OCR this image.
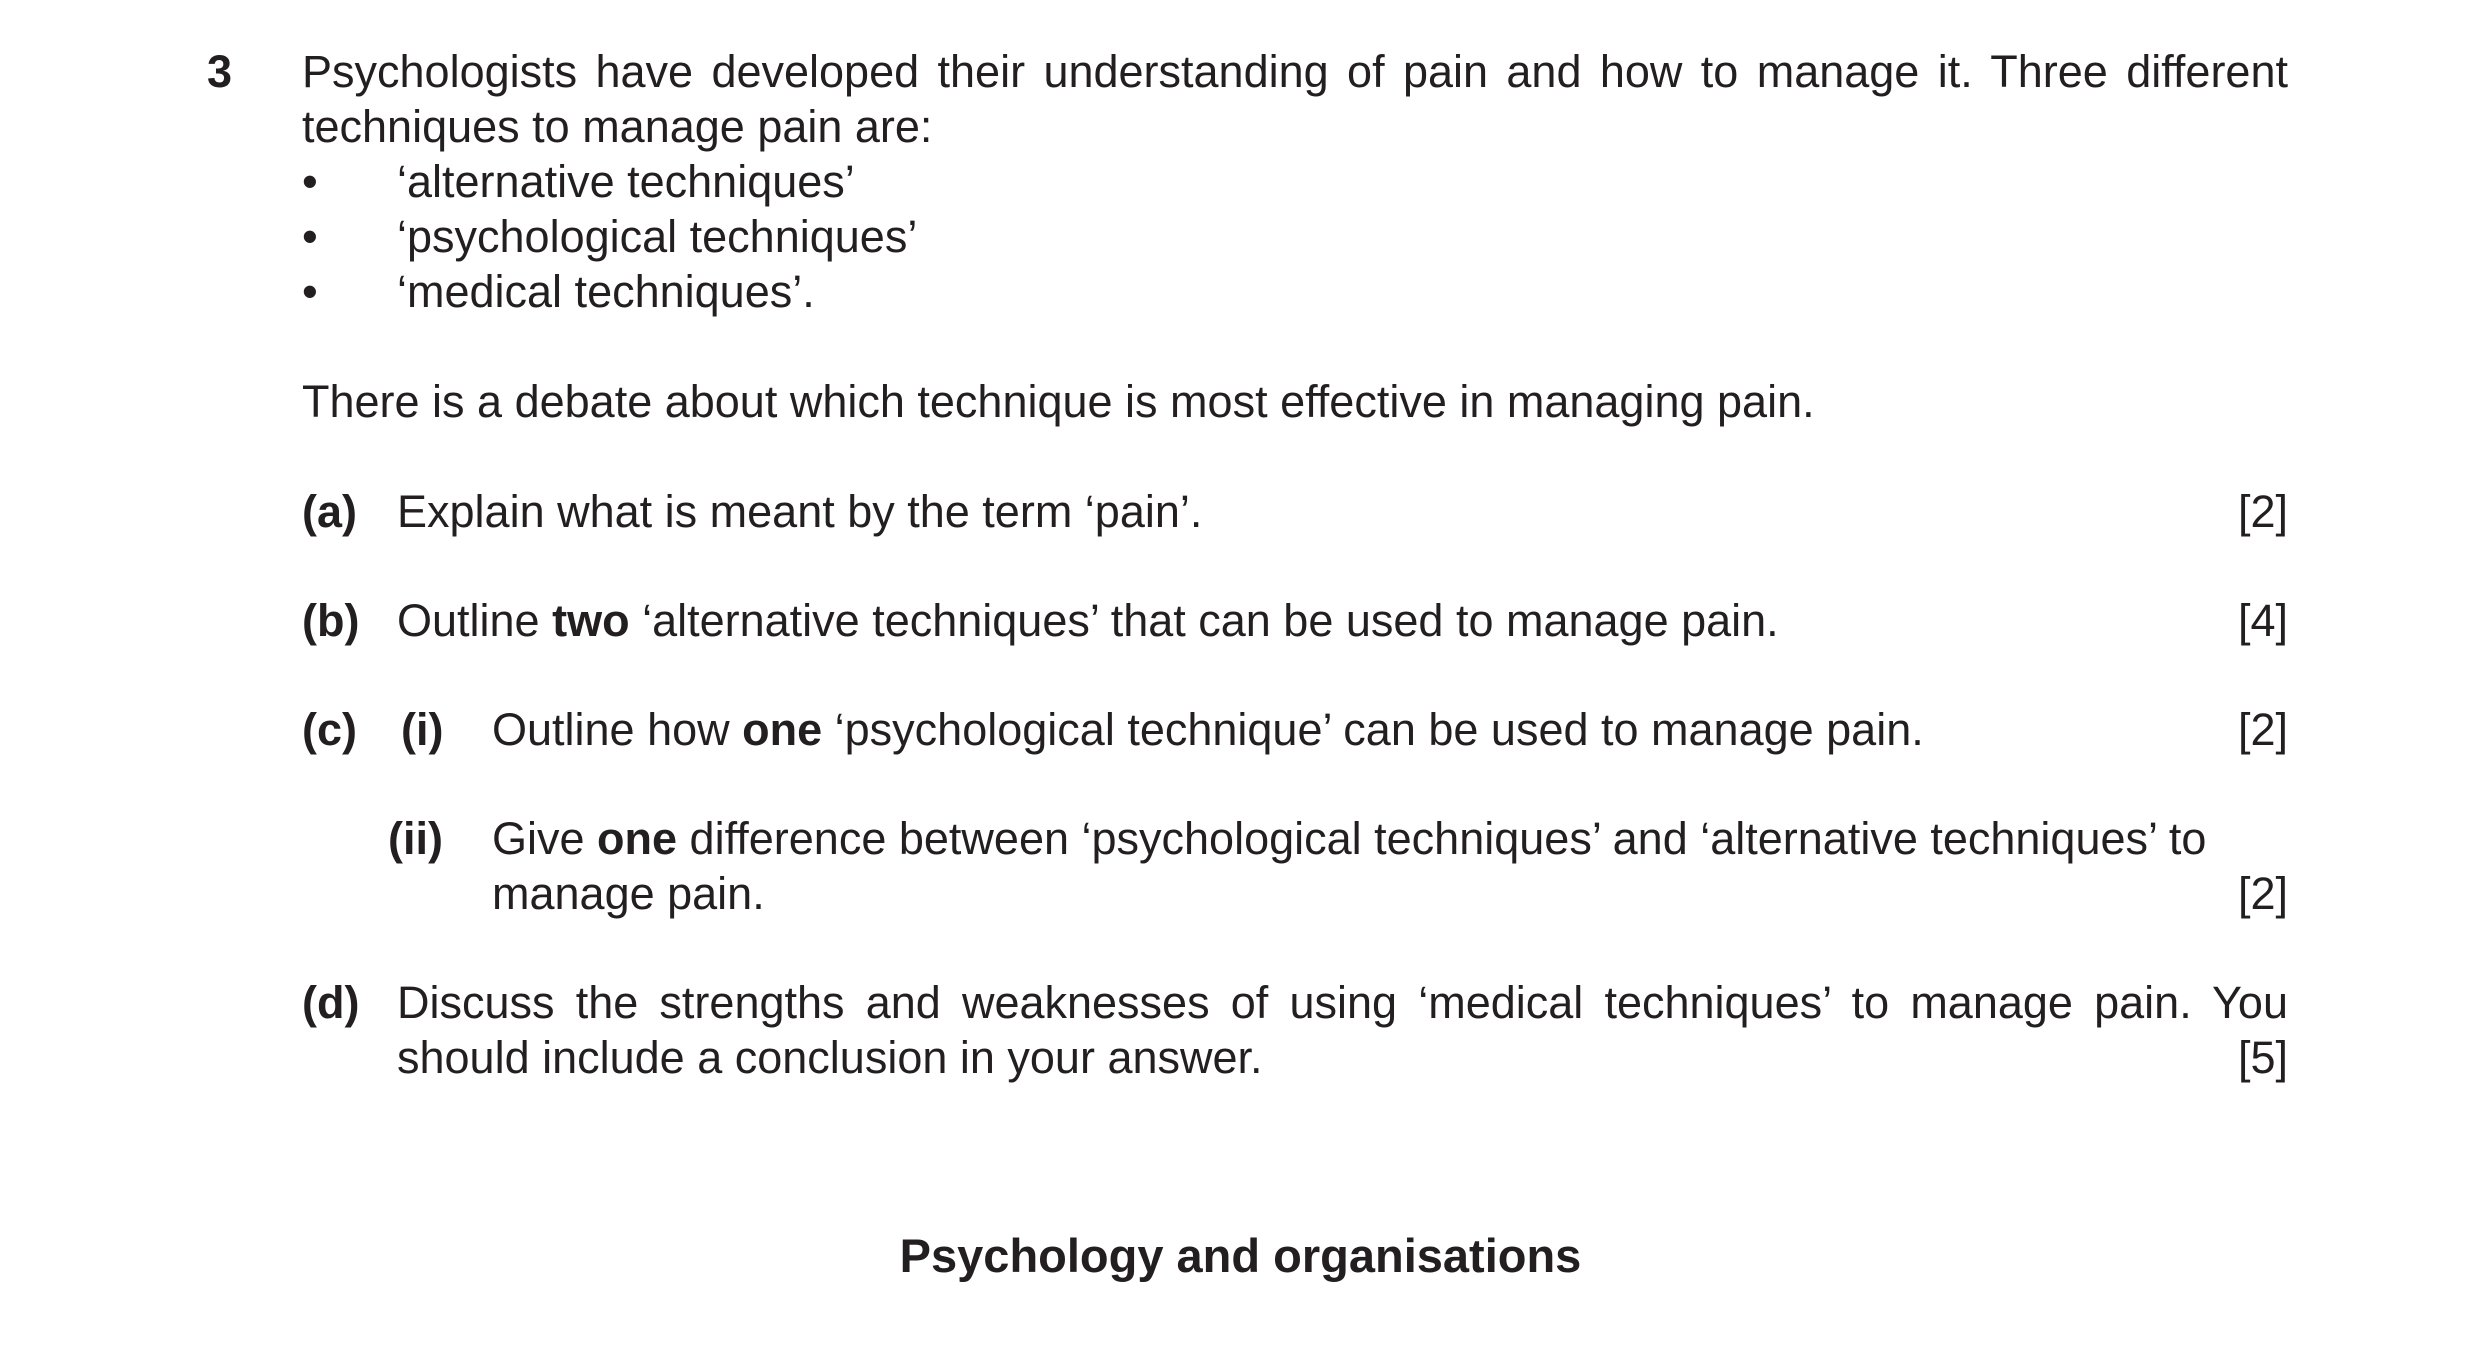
3 Psychologists have developed their understanding of pain and how to manage it. Three different techniques to manage pain are:
• ‘alternative techniques’
• ‘psychological techniques’
• ‘medical techniques’.
There is a debate about which technique is most effective in managing pain.
(a) Explain what is meant by the term ‘pain’.	[2]
(b) Outline two ‘alternative techniques’ that can be used to manage pain.	[4]
(c) (i) Outline how one ‘psychological technique’ can be used to manage pain.	[2]
(ii) Give one difference between ‘psychological techniques’ and ‘alternative techniques’ to
manage pain.	[2]
(d) Discuss the strengths and weaknesses of using ‘medical techniques’ to manage pain. You
should include a conclusion in your answer.	[5]
Psychology and organisations
